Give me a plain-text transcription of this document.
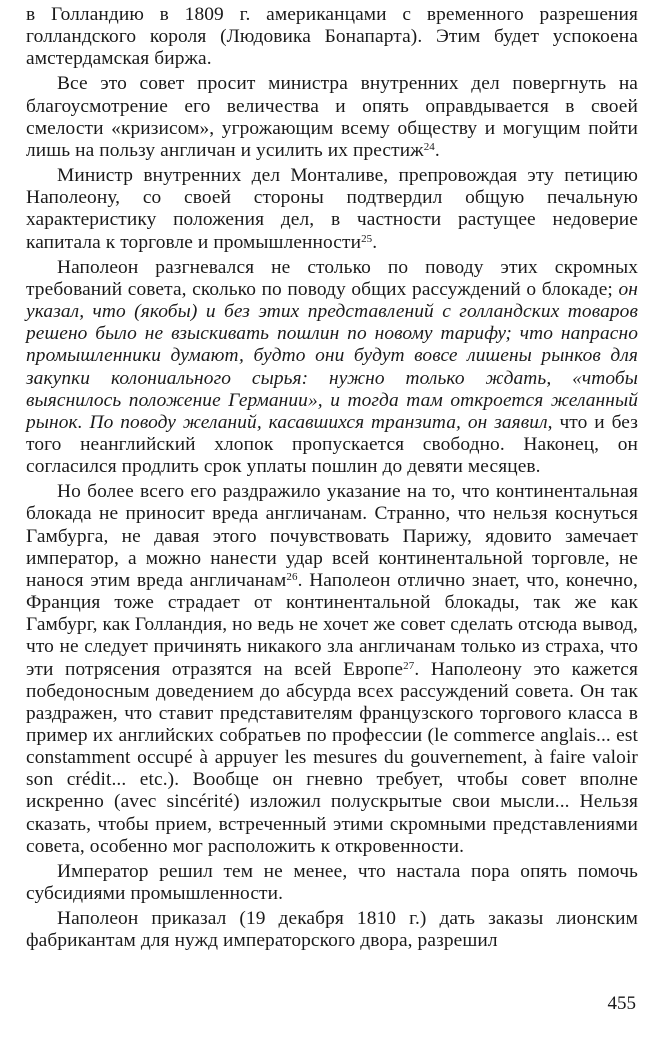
в Голландию в 1809 г. американцами с временного разрешения голландского короля (Людовика Бонапарта). Этим будет успокоена амстердамская биржа.

Все это совет просит министра внутренних дел повергнуть на благоусмотрение его величества и опять оправдывается в своей смелости «кризисом», угрожающим всему обществу и могущим пойти лишь на пользу англичан и усилить их престиж$^{24}$.

Министр внутренних дел Монталиве, препровождая эту петицию Наполеону, со своей стороны подтвердил общую печальную характеристику положения дел, в частности растущее недоверие капитала к торговле и промышленности$^{25}$.

Наполеон разгневался не столько по поводу этих скромных требований совета, сколько по поводу общих рассуждений о блокаде; он указал, что (якобы) и без этих представлений с голландских товаров решено было не взыскивать пошлин по новому тарифу; что напрасно промышленники думают, будто они будут вовсе лишены рынков для закупки колониального сырья: нужно только ждать, «чтобы выяснилось положение Германии», и тогда там откроется желанный рынок. По поводу желаний, касавшихся транзита, он заявил, что и без того неанглийский хлопок пропускается свободно. Наконец, он согласился продлить срок уплаты пошлин до девяти месяцев.

Но более всего его раздражило указание на то, что континентальная блокада не приносит вреда англичанам. Странно, что нельзя коснуться Гамбурга, не давая этого почувствовать Парижу, ядовито замечает император, а можно нанести удар всей континентальной торговле, не нанося этим вреда англичанам$^{26}$. Наполеон отлично знает, что, конечно, Франция тоже страдает от континентальной блокады, так же как Гамбург, как Голландия, но ведь не хочет же совет сделать отсюда вывод, что не следует причинять никакого зла англичанам только из страха, что эти потрясения отразятся на всей Европе$^{27}$. Наполеону это кажется победоносным доведением до абсурда всех рассуждений совета. Он так раздражен, что ставит представителям французского торгового класса в пример их английских собратьев по профессии (le commerce anglais... est constamment occupé à appuyer les mesures du gouvernement, à faire valoir son crédit... etc.). Вообще он гневно требует, чтобы совет вполне искренно (avec sincérité) изложил полускрытые свои мысли... Нельзя сказать, чтобы прием, встреченный этими скромными представлениями совета, особенно мог расположить к откровенности.

Император решил тем не менее, что настала пора опять помочь субсидиями промышленности.

Наполеон приказал (19 декабря 1810 г.) дать заказы лионским фабрикантам для нужд императорского двора, разрешил

455
